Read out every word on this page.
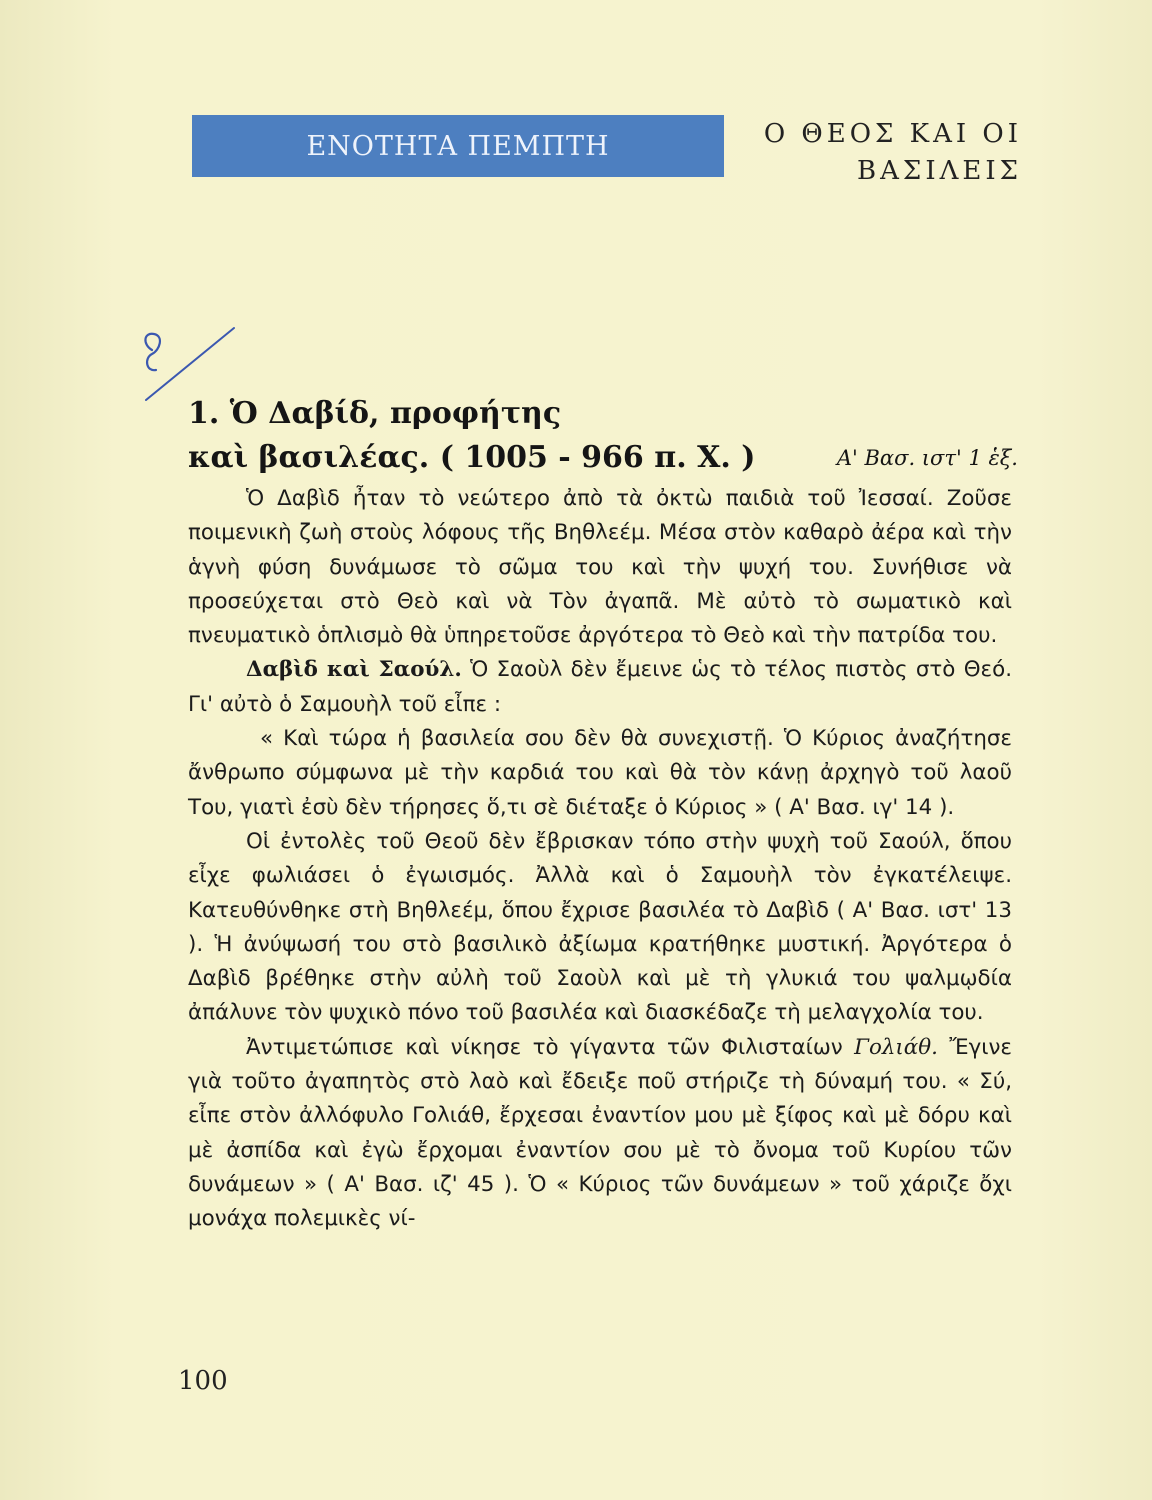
ΕΝΟΤΗΤΑ ΠΕΜΠΤΗ	Ο ΘΕΟΣ ΚΑΙ ΟΙ
ΒΑΣΙΛΕΙΣ
1. Ὁ Δαβίδ, προφήτης
καὶ βασιλέας. ( 1005 - 966 π. Χ. )	Α' Βασ. ιστ' 1 ἑξ.

Ὁ Δαβὶδ ἦταν τὸ νεώτερο ἀπὸ τὰ ὀκτὼ παιδιὰ τοῦ Ἰεσσαί. Ζοῦσε ποιμενικὴ ζωὴ στοὺς λόφους τῆς Βηθλεέμ. Μέσα στὸν καθαρὸ ἀέρα καὶ τὴν ἁγνὴ φύση δυνάμωσε τὸ σῶμα του καὶ τὴν ψυχή του. Συνήθισε νὰ προσεύχεται στὸ Θεὸ καὶ νὰ Τὸν ἀγαπᾶ. Μὲ αὐτὸ τὸ σωματικὸ καὶ πνευματικὸ ὁπλισμὸ θὰ ὑπηρετοῦσε ἀργότερα τὸ Θεὸ καὶ τὴν πατρίδα του.

Δαβὶδ καὶ Σαούλ. Ὁ Σαοὺλ δὲν ἔμεινε ὡς τὸ τέλος πιστὸς στὸ Θεό. Γι' αὐτὸ ὁ Σαμουὴλ τοῦ εἶπε :

« Καὶ τώρα ἡ βασιλεία σου δὲν θὰ συνεχιστῇ. Ὁ Κύριος ἀναζήτησε ἄνθρωπο σύμφωνα μὲ τὴν καρδιά του καὶ θὰ τὸν κάνῃ ἀρχηγὸ τοῦ λαοῦ Του, γιατὶ ἐσὺ δὲν τήρησες ὅ,τι σὲ διέταξε ὁ Κύριος » ( Α' Βασ. ιγ' 14 ).

Οἱ ἐντολὲς τοῦ Θεοῦ δὲν ἔβρισκαν τόπο στὴν ψυχὴ τοῦ Σαούλ, ὅπου εἶχε φωλιάσει ὁ ἐγωισμός. Ἀλλὰ καὶ ὁ Σαμουὴλ τὸν ἐγκατέλειψε. Κατευθύνθηκε στὴ Βηθλεέμ, ὅπου ἔχρισε βασιλέα τὸ Δαβὶδ ( Α' Βασ. ιστ' 13 ). Ἡ ἀνύψωσή του στὸ βασιλικὸ ἀξίωμα κρατήθηκε μυστική. Ἀργότερα ὁ Δαβὶδ βρέθηκε στὴν αὐλὴ τοῦ Σαοὺλ καὶ μὲ τὴ γλυκιά του ψαλμῳδία ἀπάλυνε τὸν ψυχικὸ πόνο τοῦ βασιλέα καὶ διασκέδαζε τὴ μελαγχολία του.

Ἀντιμετώπισε καὶ νίκησε τὸ γίγαντα τῶν Φιλισταίων Γολιάθ. Ἔγινε γιὰ τοῦτο ἀγαπητὸς στὸ λαὸ καὶ ἔδειξε ποῦ στήριζε τὴ δύναμή του. « Σύ, εἶπε στὸν ἀλλόφυλο Γολιάθ, ἔρχεσαι ἐναντίον μου μὲ ξίφος καὶ μὲ δόρυ καὶ μὲ ἀσπίδα καὶ ἐγὼ ἔρχομαι ἐναντίον σου μὲ τὸ ὄνομα τοῦ Κυρίου τῶν δυνάμεων » ( Α' Βασ. ιζ' 45 ). Ὁ « Κύριος τῶν δυνάμεων » τοῦ χάριζε ὄχι μονάχα πολεμικὲς νί-

100
